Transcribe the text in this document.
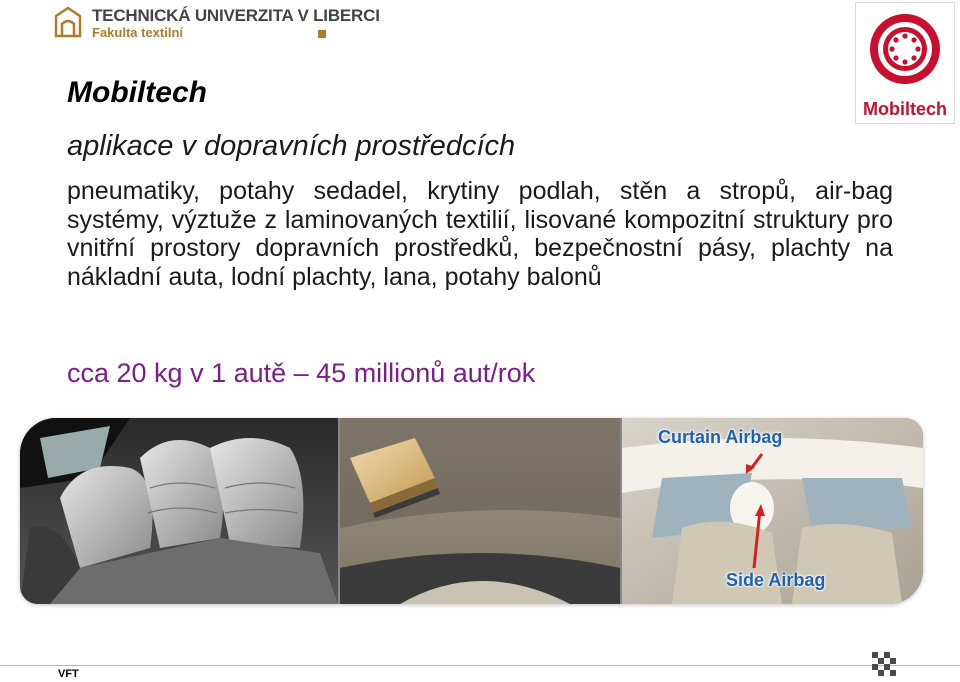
TECHNICKÁ UNIVERZITA V LIBERCI
Fakulta textilní
Mobiltech
Mobiltech
aplikace v dopravních prostředcích
pneumatiky, potahy sedadel, krytiny podlah, stěn a stropů, air-bag systémy, výztuže z laminovaných textilií, lisované kompozitní struktury pro vnitřní prostory dopravních prostředků, bezpečnostní pásy, plachty na nákladní auta, lodní plachty, lana, potahy balonů
cca 20 kg v 1 autě – 45 millionů aut/rok
Curtain Airbag
Side Airbag
VFT
